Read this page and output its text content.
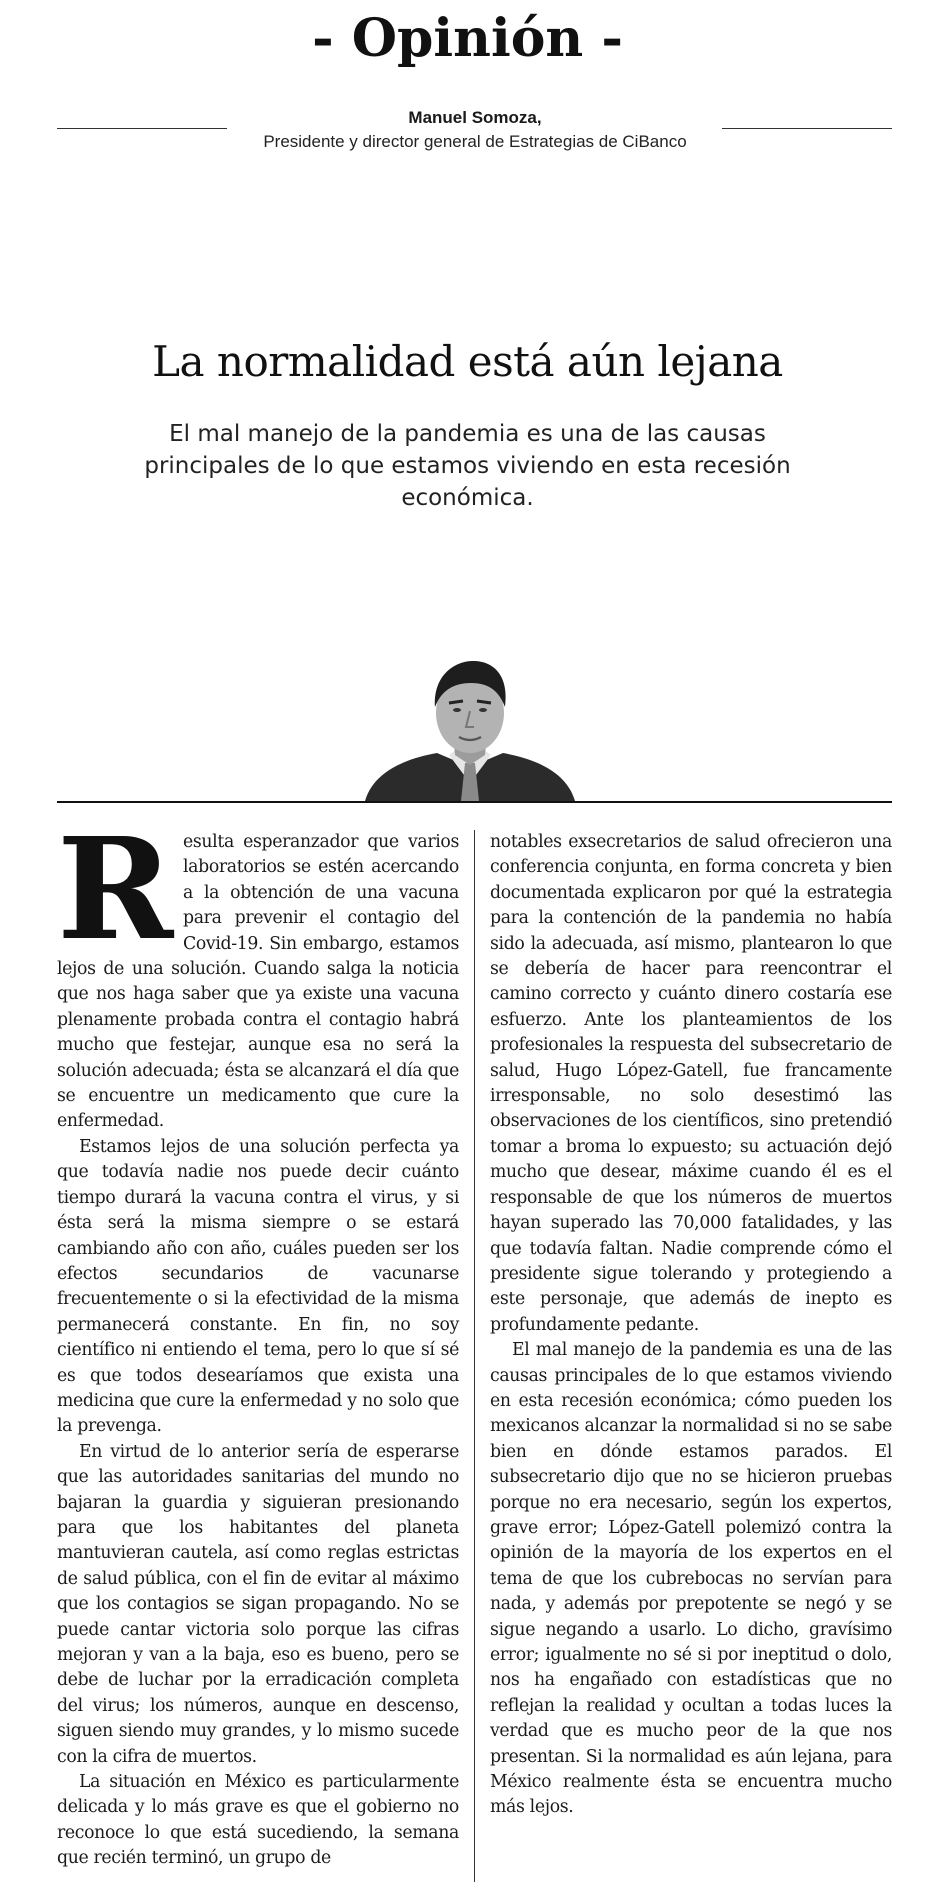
- Opinión -
Manuel Somoza,
Presidente y director general de Estrategias de CiBanco
La normalidad está aún lejana
El mal manejo de la pandemia es una de las causas principales de lo que estamos viviendo en esta recesión económica.

Resulta esperanzador que varios laboratorios se estén acercando a la obtención de una vacuna para prevenir el contagio del Covid-19. Sin embargo, estamos lejos de una solución. Cuando salga la noticia que nos haga saber que ya existe una vacuna plenamente probada contra el contagio habrá mucho que festejar, aunque esa no será la solución adecuada; ésta se alcanzará el día que se encuentre un medicamento que cure la enfermedad.

Estamos lejos de una solución perfecta ya que todavía nadie nos puede decir cuánto tiempo durará la vacuna contra el virus, y si ésta será la misma siempre o se estará cambiando año con año, cuáles pueden ser los efectos secundarios de vacunarse frecuentemente o si la efectividad de la misma permanecerá constante. En fin, no soy científico ni entiendo el tema, pero lo que sí sé es que todos desearíamos que exista una medicina que cure la enfermedad y no solo que la prevenga.

En virtud de lo anterior sería de esperarse que las autoridades sanitarias del mundo no bajaran la guardia y siguieran presionando para que los habitantes del planeta mantuvieran cautela, así como reglas estrictas de salud pública, con el fin de evitar al máximo que los contagios se sigan propagando. No se puede cantar victoria solo porque las cifras mejoran y van a la baja, eso es bueno, pero se debe de luchar por la erradicación completa del virus; los números, aunque en descenso, siguen siendo muy grandes, y lo mismo sucede con la cifra de muertos.

La situación en México es particularmente delicada y lo más grave es que el gobierno no reconoce lo que está sucediendo, la semana que recién terminó, un grupo de

notables exsecretarios de salud ofrecieron una conferencia conjunta, en forma concreta y bien documentada explicaron por qué la estrategia para la contención de la pandemia no había sido la adecuada, así mismo, plantearon lo que se debería de hacer para reencontrar el camino correcto y cuánto dinero costaría ese esfuerzo. Ante los planteamientos de los profesionales la respuesta del subsecretario de salud, Hugo López-Gatell, fue francamente irresponsable, no solo desestimó las observaciones de los científicos, sino pretendió tomar a broma lo expuesto; su actuación dejó mucho que desear, máxime cuando él es el responsable de que los números de muertos hayan superado las 70,000 fatalidades, y las que todavía faltan. Nadie comprende cómo el presidente sigue tolerando y protegiendo a este personaje, que además de inepto es profundamente pedante.

El mal manejo de la pandemia es una de las causas principales de lo que estamos viviendo en esta recesión económica; cómo pueden los mexicanos alcanzar la normalidad si no se sabe bien en dónde estamos parados. El subsecretario dijo que no se hicieron pruebas porque no era necesario, según los expertos, grave error; López-Gatell polemizó contra la opinión de la mayoría de los expertos en el tema de que los cubrebocas no servían para nada, y además por prepotente se negó y se sigue negando a usarlo. Lo dicho, gravísimo error; igualmente no sé si por ineptitud o dolo, nos ha engañado con estadísticas que no reflejan la realidad y ocultan a todas luces la verdad que es mucho peor de la que nos presentan. Si la normalidad es aún lejana, para México realmente ésta se encuentra mucho más lejos.
